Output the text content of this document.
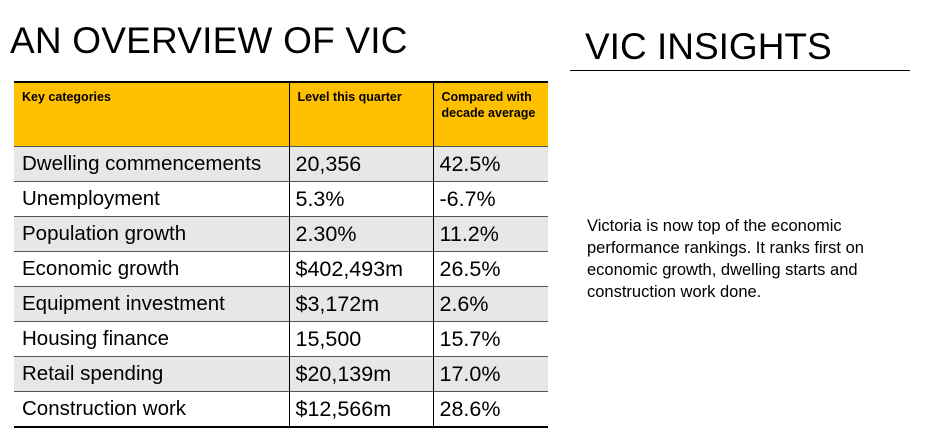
AN OVERVIEW OF VIC	VIC INSIGHTS
Key categories	Level this quarter	Compared with decade average
Dwelling commencements	20,356	42.5%
Unemployment	5.3%	-6.7%
Population growth	2.30%	11.2%
Economic growth	$402,493m	26.5%
Equipment investment	$3,172m	2.6%
Housing finance	15,500	15.7%
Retail spending	$20,139m	17.0%
Construction work	$12,566m	28.6%

Victoria is now top of the economic performance rankings. It ranks first on economic growth, dwelling starts and construction work done.
